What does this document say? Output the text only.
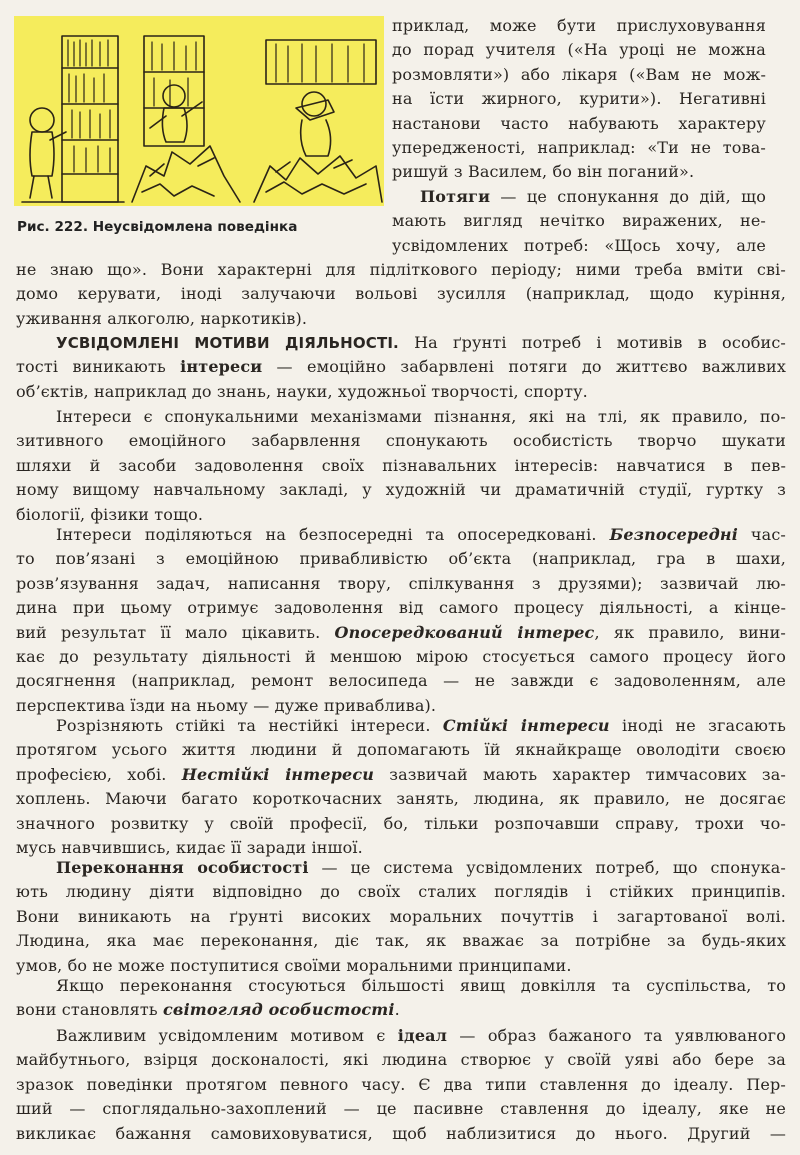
Рис. 222. Неусвідомлена поведінка
приклад, може бути прислуховування
до порад учителя («На уроці не можна
розмовляти») або лікаря («Вам не мож-
на їсти жирного, курити»). Негативні
настанови часто набувають характеру
упередженості, наприклад: «Ти не това-
ришуй з Василем, бо він поганий».
Потяги — це спонукання до дій, що
мають вигляд нечітко виражених, не-
усвідомлених потреб: «Щось хочу, але
не знаю що». Вони характерні для підліткового періоду; ними треба вміти сві-
домо керувати, іноді залучаючи вольові зусилля (наприклад, щодо куріння,
уживання алкоголю, наркотиків).
УСВІДОМЛЕНІ МОТИВИ ДІЯЛЬНОСТІ. На ґрунті потреб і мотивів в особис-
тості виникають інтереси — емоційно забарвлені потяги до життєво важливих
об’єктів, наприклад до знань, науки, художньої творчості, спорту.
Інтереси є спонукальними механізмами пізнання, які на тлі, як правило, по-
зитивного емоційного забарвлення спонукають особистість творчо шукати
шляхи й засоби задоволення своїх пізнавальних інтересів: навчатися в пев-
ному вищому навчальному закладі, у художній чи драматичній студії, гуртку з
біології, фізики тощо.
Інтереси поділяються на безпосередні та опосередковані. Безпосередні час-
то пов’язані з емоційною привабливістю об’єкта (наприклад, гра в шахи,
розв’язування задач, написання твору, спілкування з друзями); зазвичай лю-
дина при цьому отримує задоволення від самого процесу діяльності, а кінце-
вий результат її мало цікавить. Опосередкований інтерес, як правило, вини-
кає до результату діяльності й меншою мірою стосується самого процесу його
досягнення (наприклад, ремонт велосипеда — не завжди є задоволенням, але
перспектива їзди на ньому — дуже приваблива).
Розрізняють стійкі та нестійкі інтереси. Стійкі інтереси іноді не згасають
протягом усього життя людини й допомагають їй якнайкраще оволодіти своєю
професією, хобі. Нестійкі інтереси зазвичай мають характер тимчасових за-
хоплень. Маючи багато короткочасних занять, людина, як правило, не досягає
значного розвитку у своїй професії, бо, тільки розпочавши справу, трохи чо-
мусь навчившись, кидає її заради іншої.
Переконання особистості — це система усвідомлених потреб, що спонука-
ють людину діяти відповідно до своїх сталих поглядів і стійких принципів.
Вони виникають на ґрунті високих моральних почуттів і загартованої волі.
Людина, яка має переконання, діє так, як вважає за потрібне за будь-яких
умов, бо не може поступитися своїми моральними принципами.
Якщо переконання стосуються більшості явищ довкілля та суспільства, то
вони становлять світогляд особистості.
Важливим усвідомленим мотивом є ідеал — образ бажаного та уявлюваного
майбутнього, взірця досконалості, які людина створює у своїй уяві або бере за
зразок поведінки протягом певного часу. Є два типи ставлення до ідеалу. Пер-
ший — споглядально-захоплений — це пасивне ставлення до ідеалу, яке не
викликає бажання самовиховуватися, щоб наблизитися до нього. Другий —
